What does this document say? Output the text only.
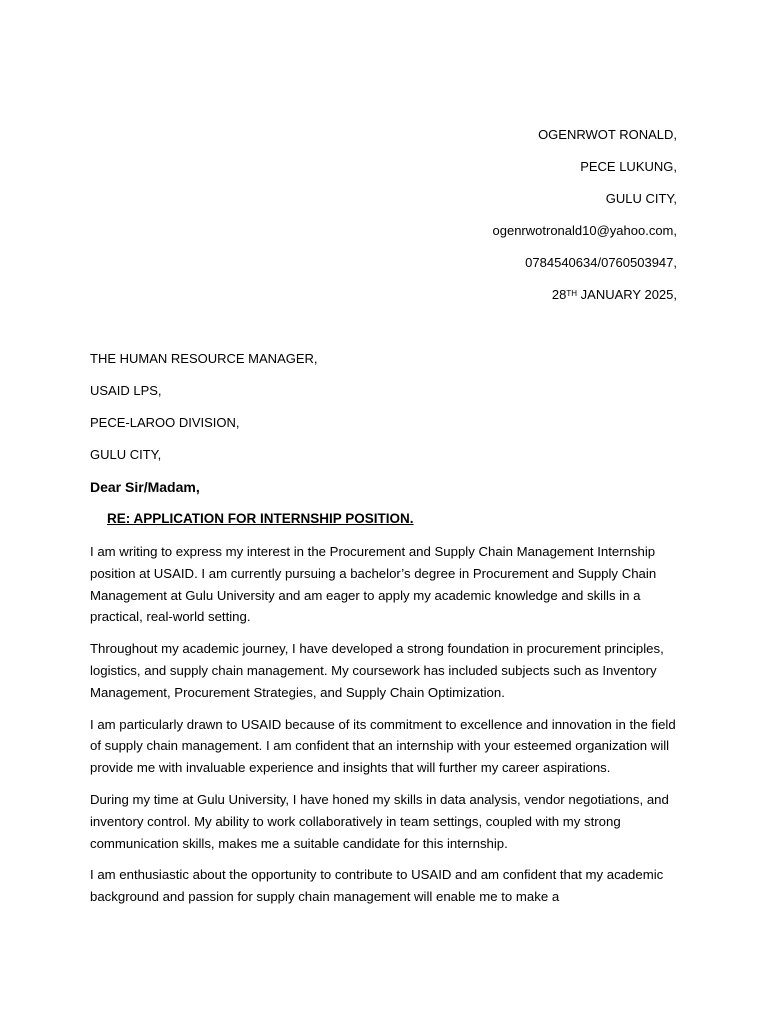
OGENRWOT RONALD,
PECE LUKUNG,
GULU CITY,
ogenrwotronald10@yahoo.com,
0784540634/0760503947,
28TH JANUARY 2025,
THE HUMAN RESOURCE MANAGER,
USAID LPS,
PECE-LAROO DIVISION,
GULU CITY,
Dear Sir/Madam,
RE: APPLICATION FOR INTERNSHIP POSITION.

I am writing to express my interest in the Procurement and Supply Chain Management Internship position at USAID. I am currently pursuing a bachelor’s degree in Procurement and Supply Chain Management at Gulu University and am eager to apply my academic knowledge and skills in a practical, real-world setting.

Throughout my academic journey, I have developed a strong foundation in procurement principles, logistics, and supply chain management. My coursework has included subjects such as Inventory Management, Procurement Strategies, and Supply Chain Optimization.

I am particularly drawn to USAID because of its commitment to excellence and innovation in the field of supply chain management. I am confident that an internship with your esteemed organization will provide me with invaluable experience and insights that will further my career aspirations.

During my time at Gulu University, I have honed my skills in data analysis, vendor negotiations, and inventory control. My ability to work collaboratively in team settings, coupled with my strong communication skills, makes me a suitable candidate for this internship.

I am enthusiastic about the opportunity to contribute to USAID and am confident that my academic background and passion for supply chain management will enable me to make a
